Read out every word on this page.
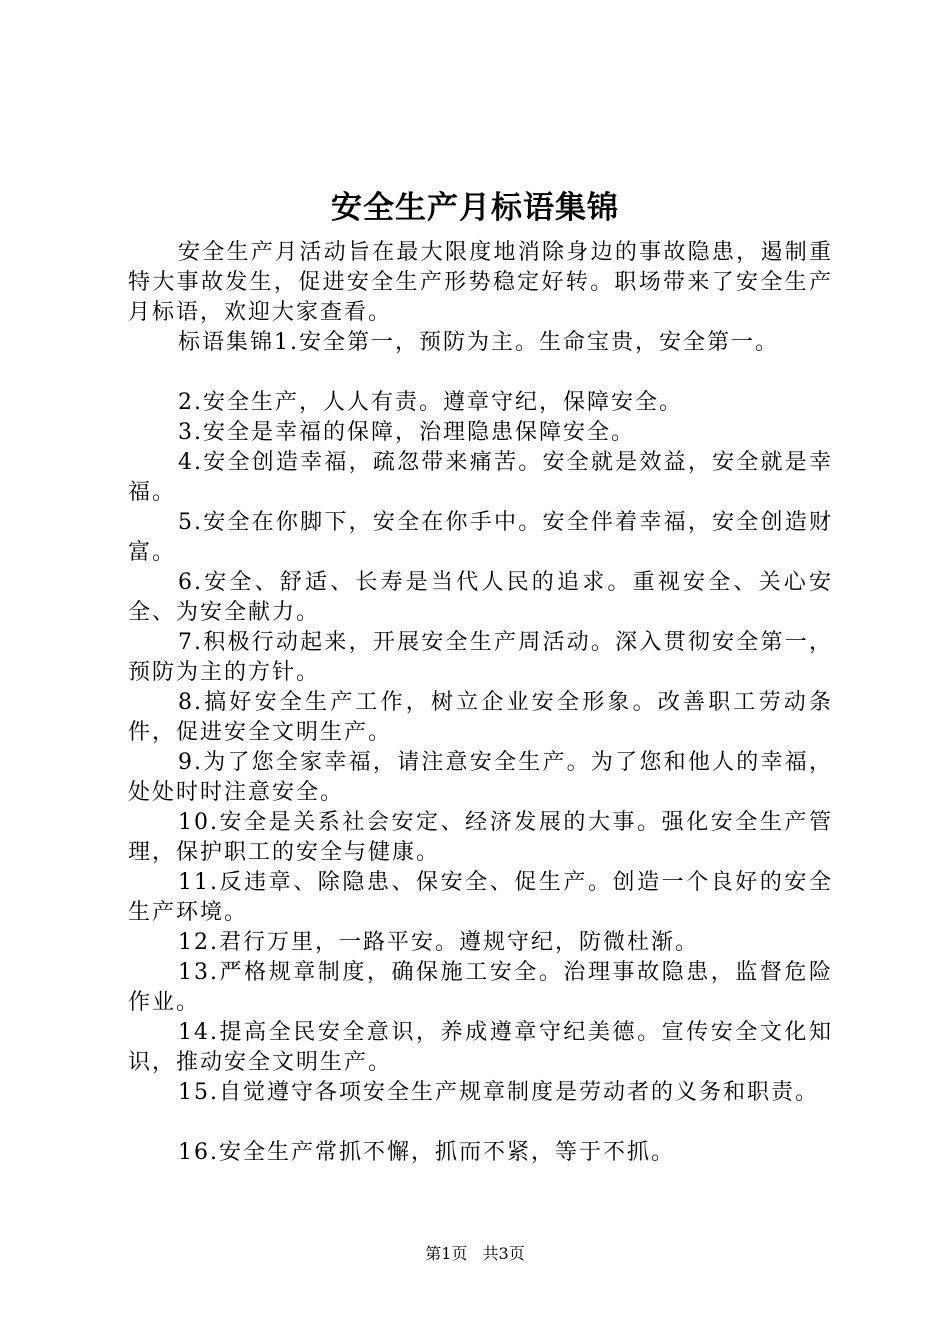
安全生产月标语集锦

安全生产月活动旨在最大限度地消除身边的事故隐患，遏制重特大事故发生，促进安全生产形势稳定好转。职场带来了安全生产月标语，欢迎大家查看。

标语集锦1.安全第一，预防为主。生命宝贵，安全第一。

2.安全生产，人人有责。遵章守纪，保障安全。

3.安全是幸福的保障，治理隐患保障安全。

4.安全创造幸福，疏忽带来痛苦。安全就是效益，安全就是幸福。

5.安全在你脚下，安全在你手中。安全伴着幸福，安全创造财富。

6.安全、舒适、长寿是当代人民的追求。重视安全、关心安全、为安全献力。

7.积极行动起来，开展安全生产周活动。深入贯彻安全第一，预防为主的方针。

8.搞好安全生产工作，树立企业安全形象。改善职工劳动条件，促进安全文明生产。

9.为了您全家幸福，请注意安全生产。为了您和他人的幸福，处处时时注意安全。

10.安全是关系社会安定、经济发展的大事。强化安全生产管理，保护职工的安全与健康。

11.反违章、除隐患、保安全、促生产。创造一个良好的安全生产环境。

12.君行万里，一路平安。遵规守纪，防微杜渐。

13.严格规章制度，确保施工安全。治理事故隐患，监督危险作业。

14.提高全民安全意识，养成遵章守纪美德。宣传安全文化知识，推动安全文明生产。

15.自觉遵守各项安全生产规章制度是劳动者的义务和职责。

16.安全生产常抓不懈，抓而不紧，等于不抓。

第1页 共3页
